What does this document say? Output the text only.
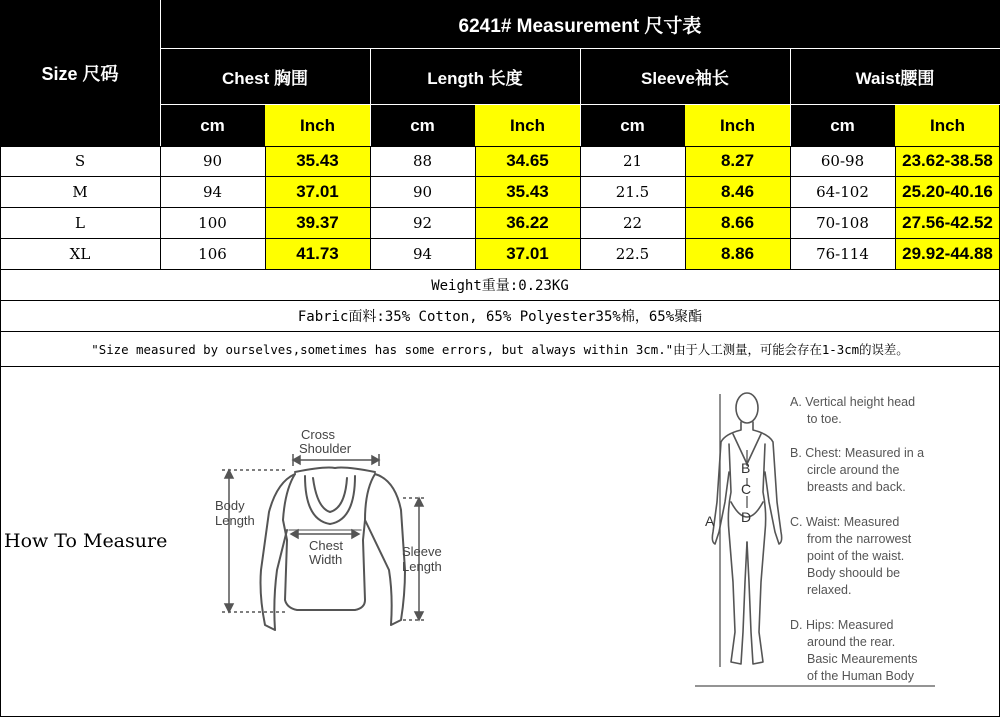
Size 尺码
6241# Measurement 尺寸表
Chest 胸围	Length 长度	Sleeve袖长	Waist腰围
cm	Inch	cm	Inch	cm	Inch	cm	Inch
S	90	35.43	88	34.65	21	8.27	60-98	23.62-38.58
M	94	37.01	90	35.43	21.5	8.46	64-102	25.20-40.16
L	100	39.37	92	36.22	22	8.66	70-108	27.56-42.52
XL	106	41.73	94	37.01	22.5	8.86	76-114	29.92-44.88
Weight重量:0.23KG
Fabric面料:35% Cotton, 65% Polyester35%棉，65%聚酯
"Size measured by ourselves,sometimes has some errors, but always within 3cm."由于人工测量，可能会存在1-3cm的误差。
How To Measure
Cross
Shoulder
Body
Length
Chest
Width
Sleeve
Length
B
C
D
A
A. Vertical height head
to toe.
B. Chest: Measured in a
circle around the
breasts and back.
C. Waist: Measured
from the narrowest
point of the waist.
Body shoould be
relaxed.
D. Hips: Measured
around the rear.
Basic Meaurements
of the Human Body
